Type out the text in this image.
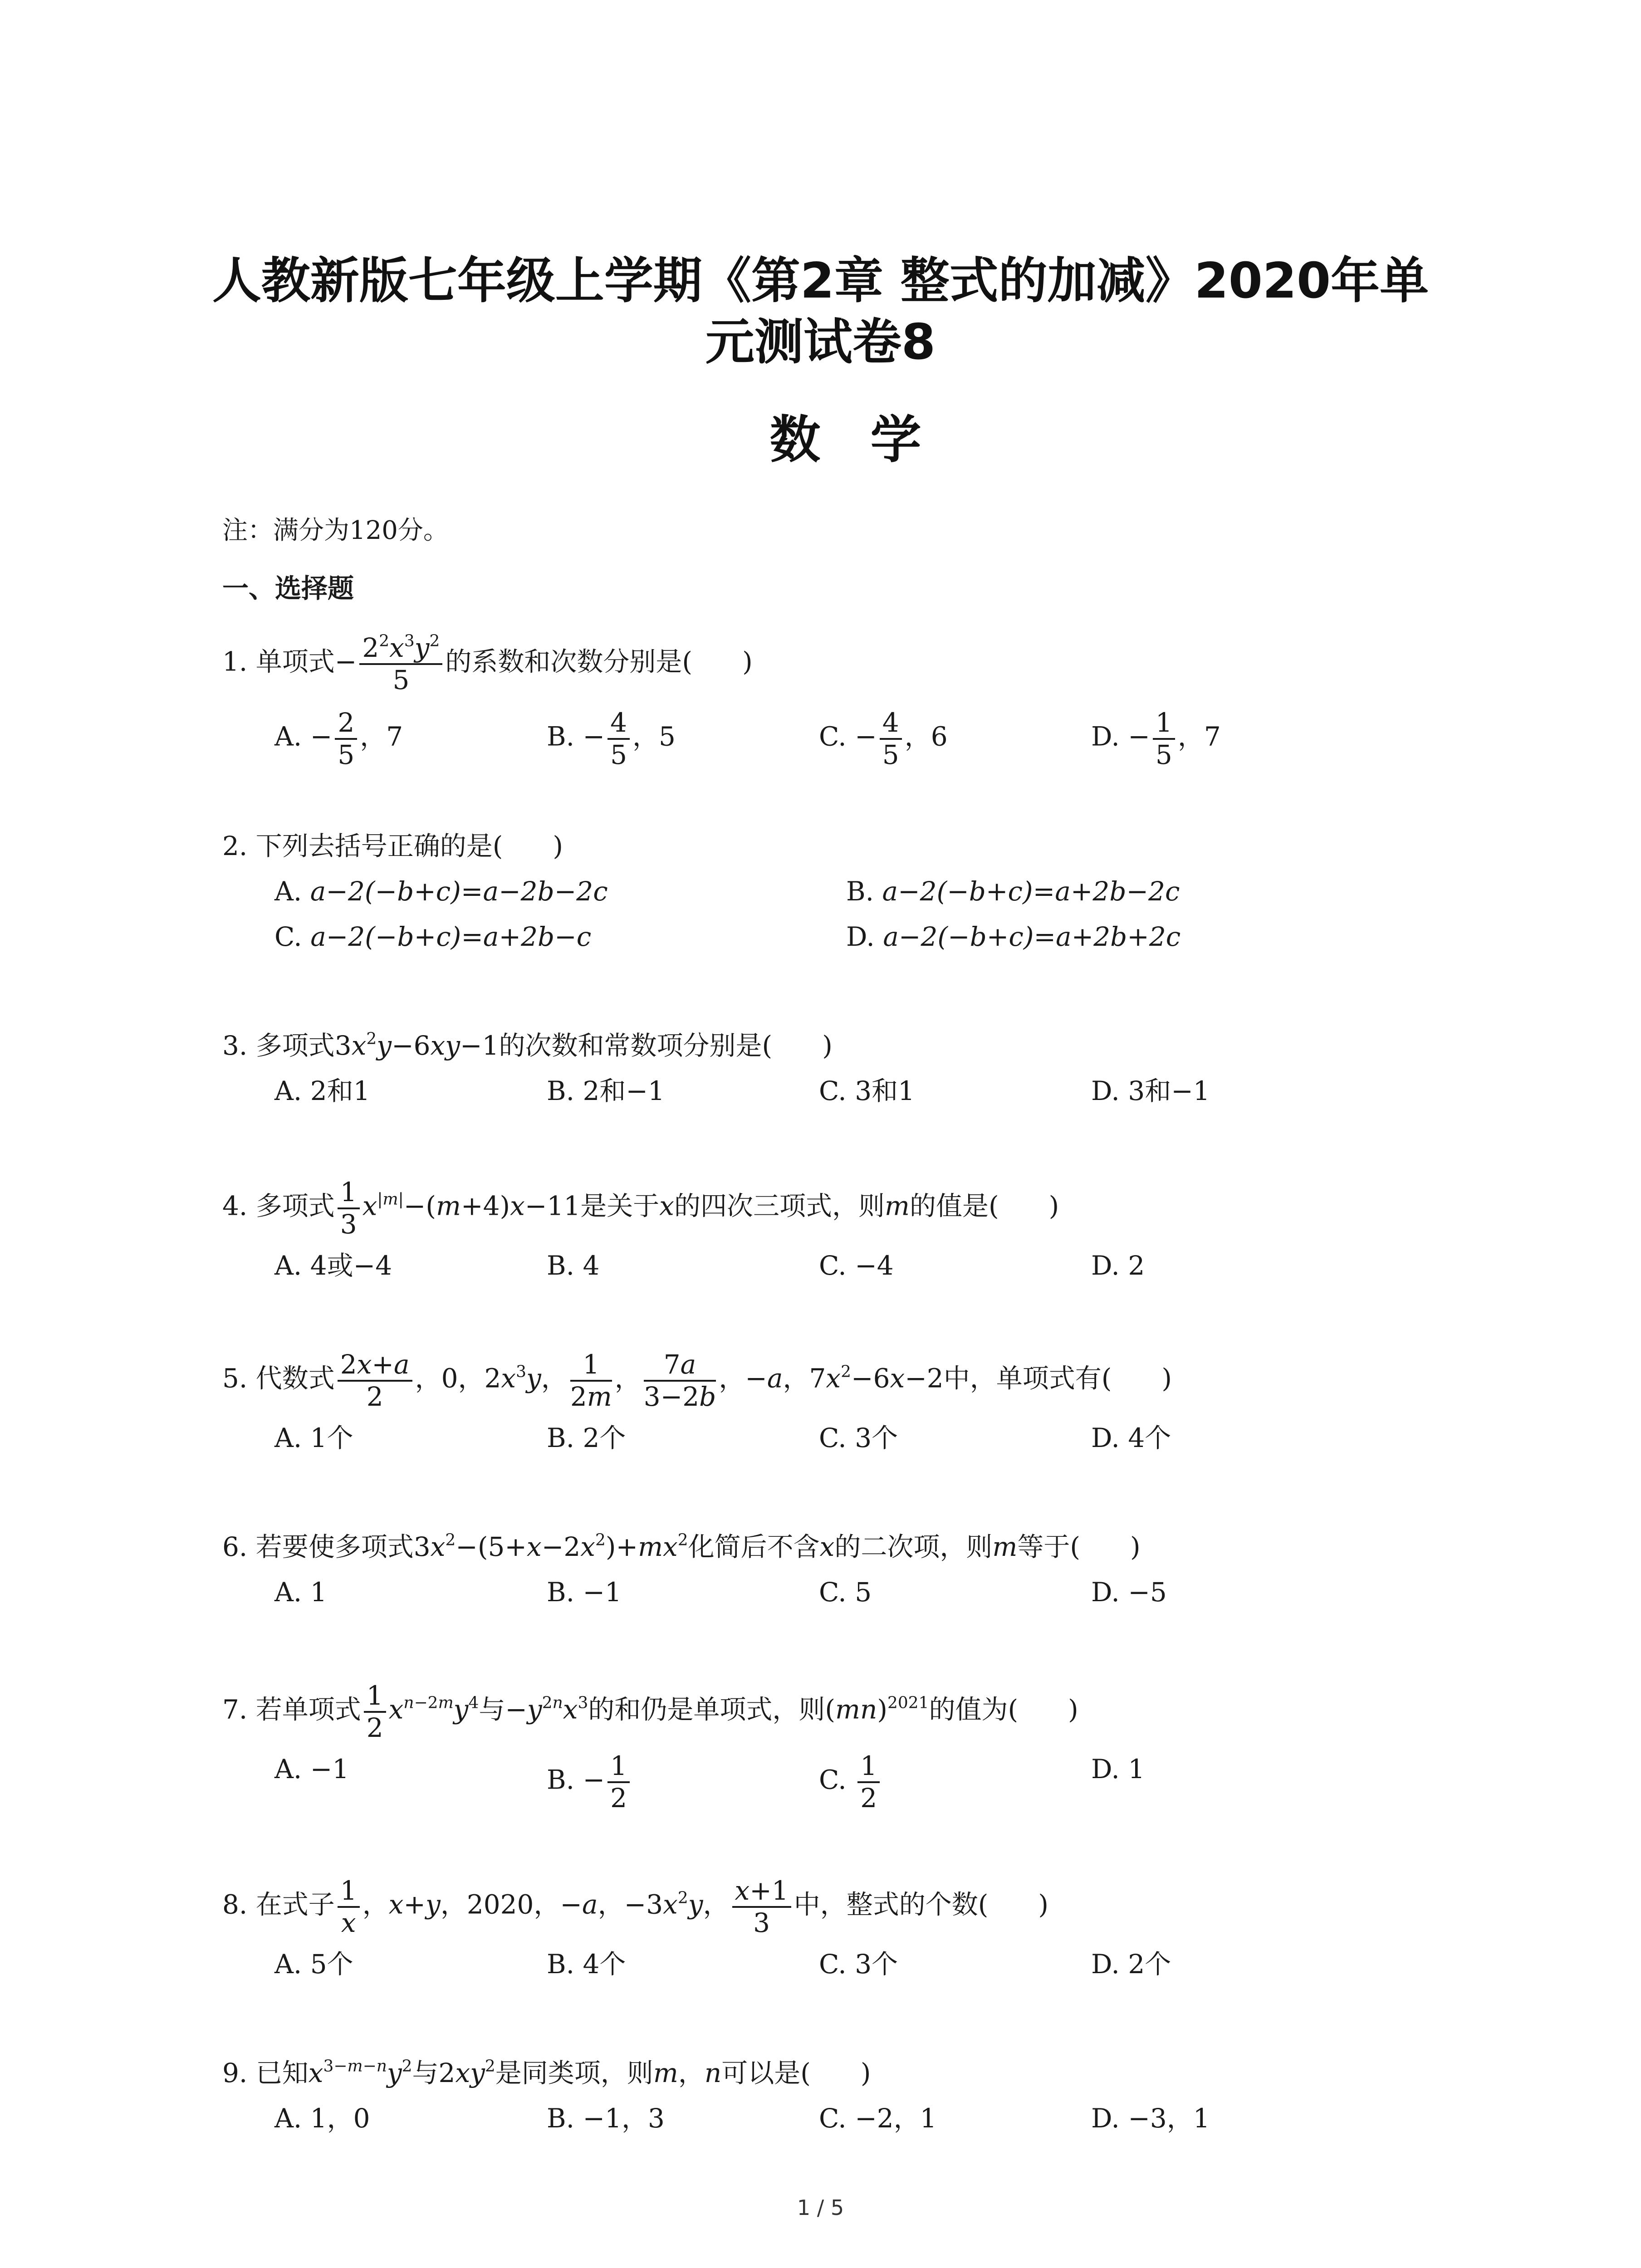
人教新版七年级上学期《第2章 整式的加减》2020年单
元测试卷8
数学
注：满分为120分。
一、选择题
1. 单项式− $\frac{2^2x^3y^2}{5}$ 的系数和次数分别是( )
A. − $\frac{2}{5}$ ，7	B. − $\frac{4}{5}$ ，5	C. − $\frac{4}{5}$ ，6	D. − $\frac{1}{5}$ ，7
2. 下列去括号正确的是( )
A. a−2(−b+c)=a−2b−2c	B. a−2(−b+c)=a+2b−2c
C. a−2(−b+c)=a+2b−c	D. a−2(−b+c)=a+2b+2c
3. 多项式$3x^2y-6xy-1$的次数和常数项分别是( )
A. 2和1	B. 2和−1	C. 3和1	D. 3和−1
4. 多项式 $\frac{1}{3} x^{|m|}-(m+4)x-11$是关于x的四次三项式，则m的值是( )
A. 4或−4	B. 4	C. −4	D. 2
5. 代数式 $\frac{2x+a}{2}$ ，0，$2x^3y$， $\frac{1}{2m}$ ， $\frac{7a}{3-2b}$ ，−a，$7x^2-6x-2$中，单项式有( )
A. 1个	B. 2个	C. 3个	D. 4个
6. 若要使多项式$3x^2-(5+x-2x^2)+mx^2$化简后不含x的二次项，则m等于( )
A. 1	B. −1	C. 5	D. −5
7. 若单项式 $\frac{1}{2} x^{n-2m}y^4$与$-y^{2n}x^3$的和仍是单项式，则(mn)$^{2021}$的值为( )
A. −1	B. − $\frac{1}{2}$	C. $\frac{1}{2}$	D. 1
8. 在式子 $\frac{1}{x}$ ，x+y，2020，−a，$-3x^2y$， $\frac{x+1}{3}$ 中，整式的个数( )
A. 5个	B. 4个	C. 3个	D. 2个
9. 已知$x^{3-m-n}y^2$与$2xy^2$是同类项，则m，n可以是( )
A. 1，0	B. −1，3	C. −2，1	D. −3，1
1 / 5
